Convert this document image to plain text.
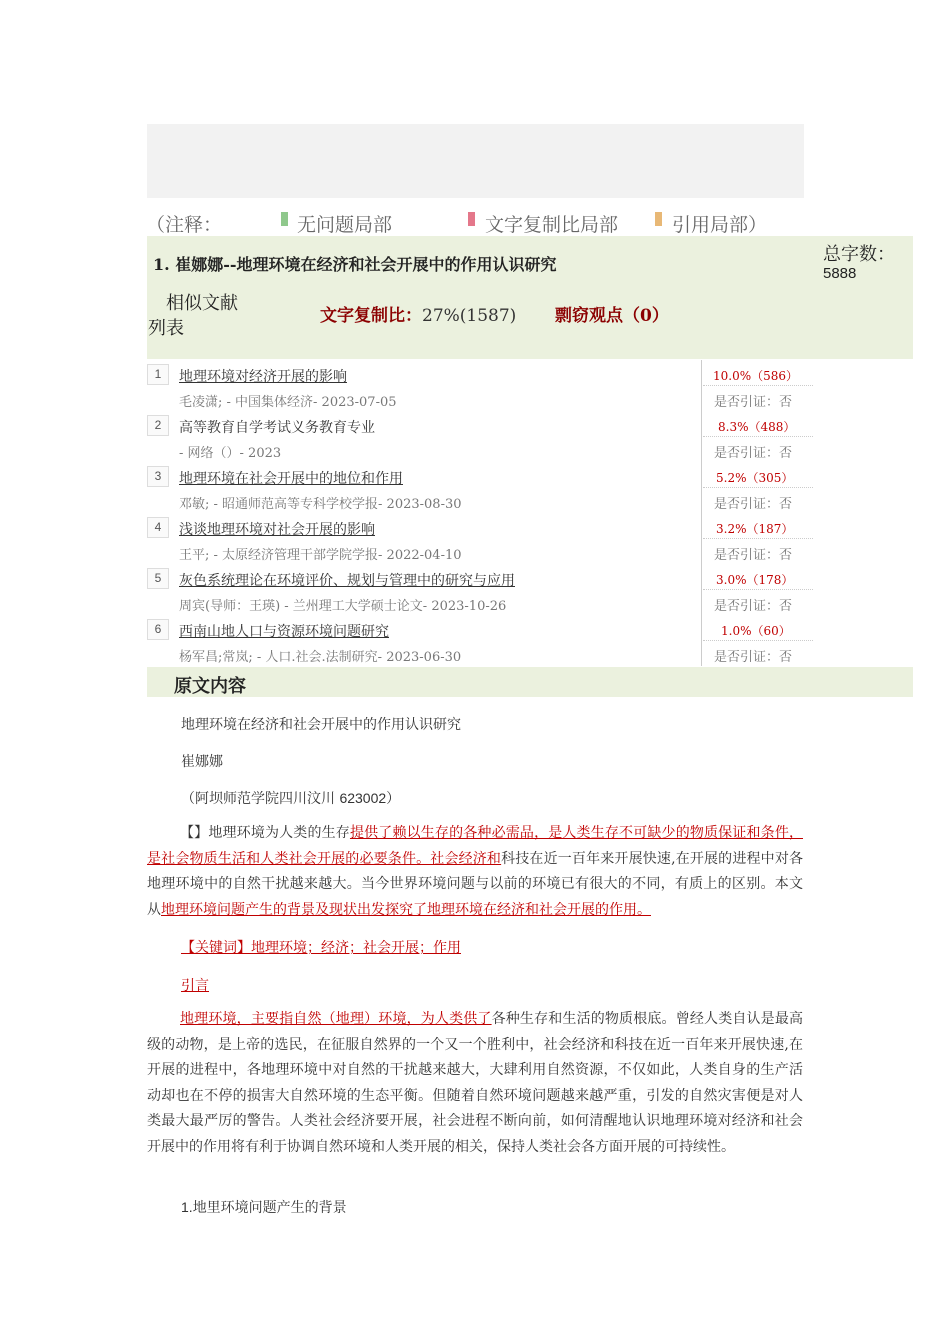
（注释：	无问题局部	文字复制比局部	引用局部）
1. 崔娜娜--地理环境在经济和社会开展中的作用认识研究	总字数：
5888
相似文献
列表
文字复制比：27%(1587) 剽窃观点（0）
1	地理环境对经济开展的影响
毛凌潇; - 中国集体经济- 2023-07-05
10.0%（586）
是否引证：否
2	高等教育自学考试义务教育专业
- 网络（）- 2023
8.3%（488）
是否引证：否
3	地理环境在社会开展中的地位和作用
邓敏; - 昭通师范高等专科学校学报- 2023-08-30
5.2%（305）
是否引证：否
4	浅谈地理环境对社会开展的影响
王平; - 太原经济管理干部学院学报- 2022-04-10
3.2%（187）
是否引证：否
5	灰色系统理论在环境评价、规划与管理中的研究与应用
周宾(导师：王瑛) - 兰州理工大学硕士论文- 2023-10-26
3.0%（178）
是否引证：否
6	西南山地人口与资源环境问题研究
杨军昌;常岚; - 人口.社会.法制研究- 2023-06-30
1.0%（60）
是否引证：否
原文内容
地理环境在经济和社会开展中的作用认识研究
崔娜娜
（阿坝师范学院四川汶川 623002）
【】地理环境为人类的生存提供了赖以生存的各种必需品，是人类生存不可缺少的物质保证和条件，是社会物质生活和人类社会开展的必要条件。社会经济和科技在近一百年来开展快速,在开展的进程中对各地理环境中的自然干扰越来越大。当今世界环境问题与以前的环境已有很大的不同，有质上的区别。本文从地理环境问题产生的背景及现状出发探究了地理环境在经济和社会开展的作用。
【关键词】地理环境；经济；社会开展；作用
引言
地理环境，主要指自然（地理）环境，为人类供了各种生存和生活的物质根底。曾经人类自认是最高级的动物，是上帝的选民，在征服自然界的一个又一个胜利中，社会经济和科技在近一百年来开展快速,在开展的进程中，各地理环境中对自然的干扰越来越大，大肆利用自然资源，不仅如此，人类自身的生产活动却也在不停的损害大自然环境的生态平衡。但随着自然环境问题越来越严重，引发的自然灾害便是对人类最大最严厉的警告。人类社会经济要开展，社会进程不断向前，如何清醒地认识地理环境对经济和社会开展中的作用将有利于协调自然环境和人类开展的相关，保持人类社会各方面开展的可持续性。
1.地里环境问题产生的背景
